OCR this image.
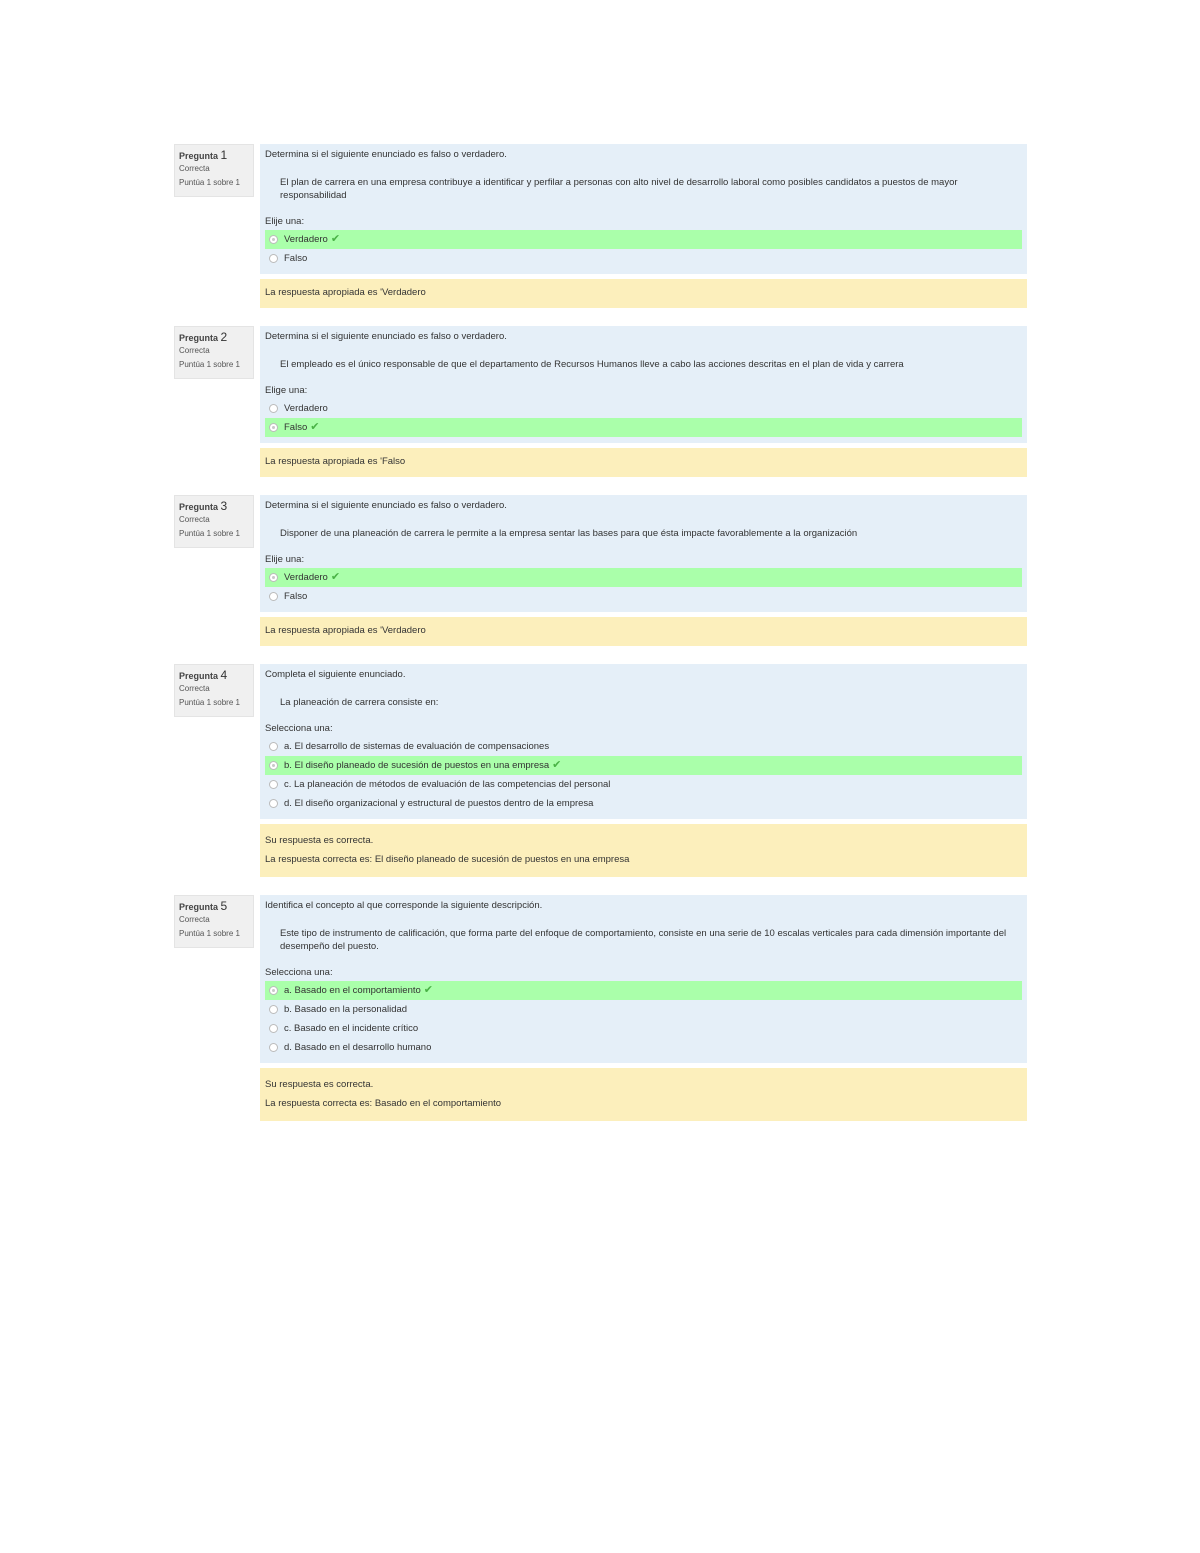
Pregunta 1
Correcta
Puntúa 1 sobre 1
Determina si el siguiente enunciado es falso o verdadero.
El plan de carrera en una empresa contribuye a identificar y perfilar a personas con alto nivel de desarrollo laboral como posibles candidatos a puestos de mayor responsabilidad
Elije una:
Verdadero ✔
Falso
La respuesta apropiada es 'Verdadero
Pregunta 2
Correcta
Puntúa 1 sobre 1
Determina si el siguiente enunciado es falso o verdadero.
El empleado es el único responsable de que el departamento de Recursos Humanos lleve a cabo las acciones descritas en el plan de vida y carrera
Elige una:
Verdadero
Falso ✔
La respuesta apropiada es 'Falso
Pregunta 3
Correcta
Puntúa 1 sobre 1
Determina si el siguiente enunciado es falso o verdadero.
Disponer de una planeación de carrera le permite a la empresa sentar las bases para que ésta impacte favorablemente a la organización
Elije una:
Verdadero ✔
Falso
La respuesta apropiada es 'Verdadero
Pregunta 4
Correcta
Puntúa 1 sobre 1
Completa el siguiente enunciado.
La planeación de carrera consiste en:
Selecciona una:
a. El desarrollo de sistemas de evaluación de compensaciones
b. El diseño planeado de sucesión de puestos en una empresa ✔
c. La planeación de métodos de evaluación de las competencias del personal
d. El diseño organizacional y estructural de puestos dentro de la empresa
Su respuesta es correcta.
La respuesta correcta es: El diseño planeado de sucesión de puestos en una empresa
Pregunta 5
Correcta
Puntúa 1 sobre 1
Identifica el concepto al que corresponde la siguiente descripción.
Este tipo de instrumento de calificación, que forma parte del enfoque de comportamiento, consiste en una serie de 10 escalas verticales para cada dimensión importante del desempeño del puesto.
Selecciona una:
a. Basado en el comportamiento ✔
b. Basado en la personalidad
c. Basado en el incidente crítico
d. Basado en el desarrollo humano
Su respuesta es correcta.
La respuesta correcta es: Basado en el comportamiento
